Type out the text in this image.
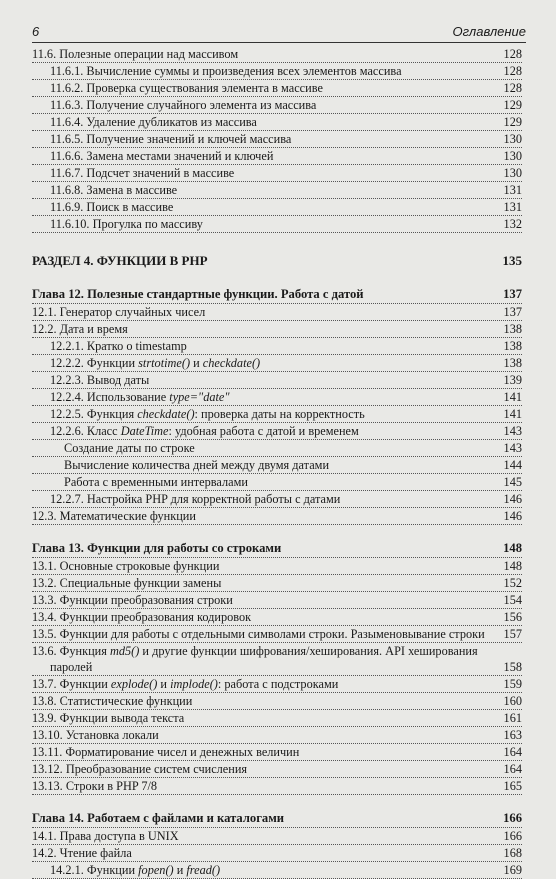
6	Оглавление
11.6. Полезные операции над массивом	128
11.6.1. Вычисление суммы и произведения всех элементов массива	128
11.6.2. Проверка существования элемента в массиве	128
11.6.3. Получение случайного элемента из массива	129
11.6.4. Удаление дубликатов из массива	129
11.6.5. Получение значений и ключей массива	130
11.6.6. Замена местами значений и ключей	130
11.6.7. Подсчет значений в массиве	130
11.6.8. Замена в массиве	131
11.6.9. Поиск в массиве	131
11.6.10. Прогулка по массиву	132
РАЗДЕЛ 4. ФУНКЦИИ В PHP	135
Глава 12. Полезные стандартные функции. Работа с датой	137
12.1. Генератор случайных чисел	137
12.2. Дата и время	138
12.2.1. Кратко о timestamp	138
12.2.2. Функции strtotime() и checkdate()	138
12.2.3. Вывод даты	139
12.2.4. Использование type="date"	141
12.2.5. Функция checkdate(): проверка даты на корректность	141
12.2.6. Класс DateTime: удобная работа с датой и временем	143
Создание даты по строке	143
Вычисление количества дней между двумя датами	144
Работа с временными интервалами	145
12.2.7. Настройка PHP для корректной работы с датами	146
12.3. Математические функции	146
Глава 13. Функции для работы со строками	148
13.1. Основные строковые функции	148
13.2. Специальные функции замены	152
13.3. Функции преобразования строки	154
13.4. Функции преобразования кодировок	156
13.5. Функции для работы с отдельными символами строки. Разыменовывание строки	157
13.6. Функция md5() и другие функции шифрования/хеширования. API хеширования
паролей	158
13.7. Функции explode() и implode(): работа с подстроками	159
13.8. Статистические функции	160
13.9. Функции вывода текста	161
13.10. Установка локали	163
13.11. Форматирование чисел и денежных величин	164
13.12. Преобразование систем счисления	164
13.13. Строки в PHP 7/8	165
Глава 14. Работаем с файлами и каталогами	166
14.1. Права доступа в UNIX	166
14.2. Чтение файла	168
14.2.1. Функции fopen() и fread()	169
